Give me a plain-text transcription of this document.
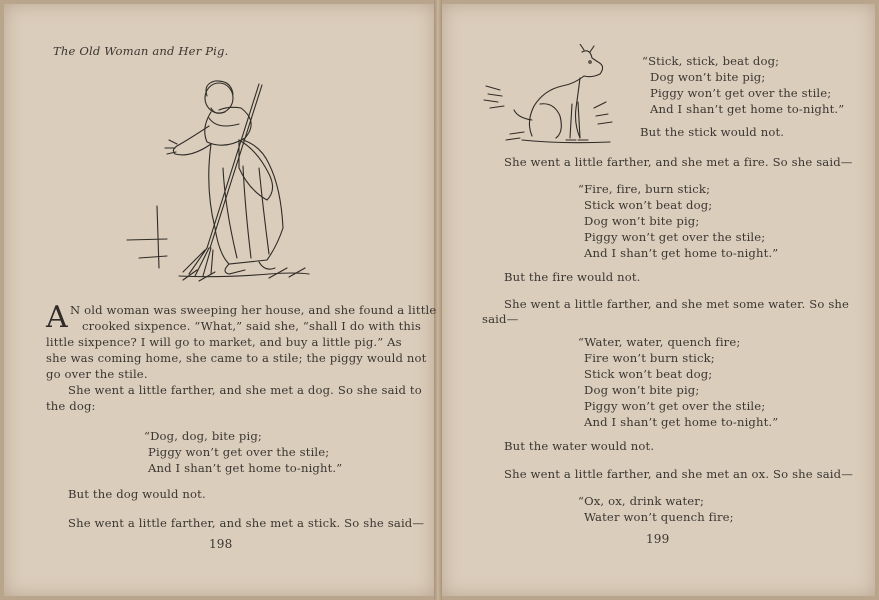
The Old Woman and Her Pig.
A N old woman was sweeping her house, and she found a little
crooked sixpence. “What,” said she, “shall I do with this
little sixpence? I will go to market, and buy a little pig.” As
she was coming home, she came to a stile; the piggy would not
go over the stile.
She went a little farther, and she met a dog. So she said to
the dog:
“Dog, dog, bite pig;
Piggy won’t get over the stile;
And I shan’t get home to-night.”
But the dog would not.
She went a little farther, and she met a stick. So she said—
198
“Stick, stick, beat dog;
Dog won’t bite pig;
Piggy won’t get over the stile;
And I shan’t get home to-night.”
But the stick would not.
She went a little farther, and she met a fire. So she said—
“Fire, fire, burn stick;
Stick won’t beat dog;
Dog won’t bite pig;
Piggy won’t get over the stile;
And I shan’t get home to-night.”
But the fire would not.
She went a little farther, and she met some water. So she
said—
“Water, water, quench fire;
Fire won’t burn stick;
Stick won’t beat dog;
Dog won’t bite pig;
Piggy won’t get over the stile;
And I shan’t get home to-night.”
But the water would not.
She went a little farther, and she met an ox. So she said—
“Ox, ox, drink water;
Water won’t quench fire;
199
